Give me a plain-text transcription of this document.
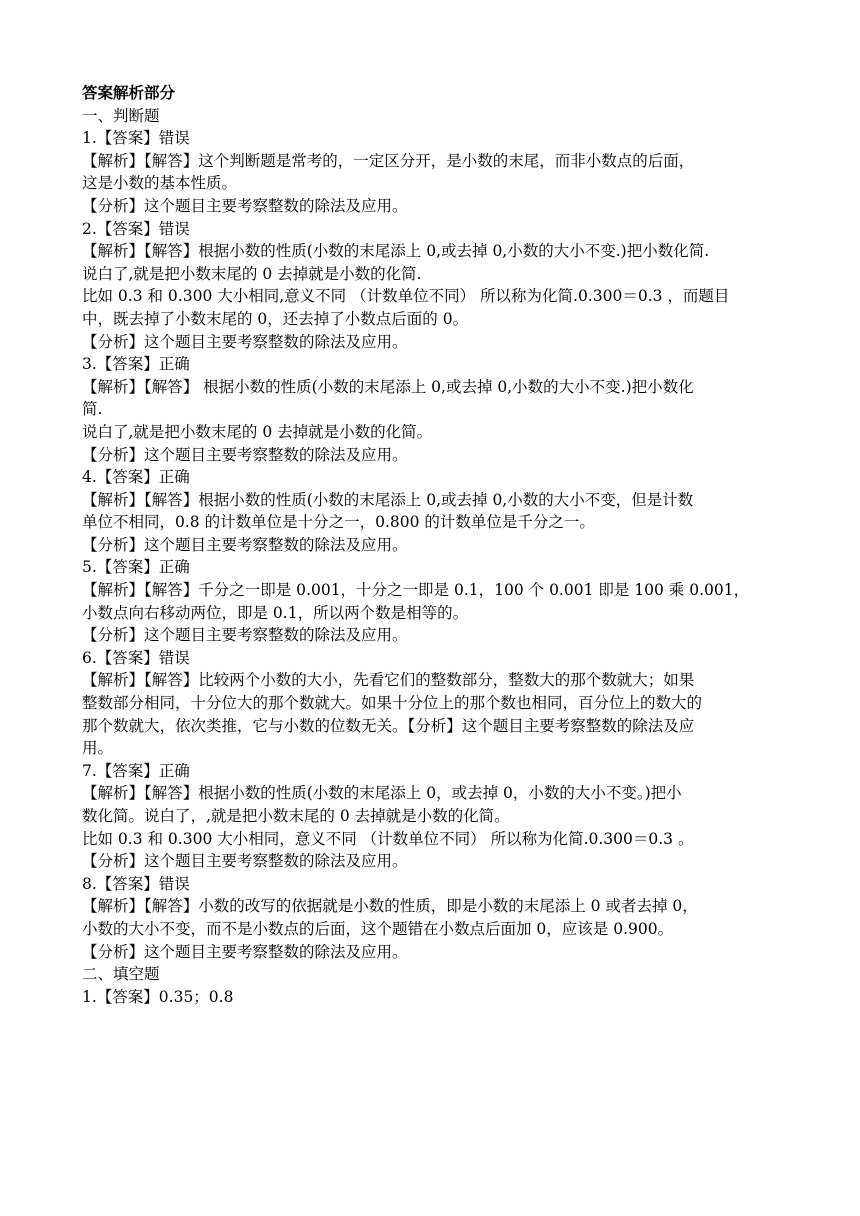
答案解析部分
一、判断题
1.【答案】错误
【解析】【解答】这个判断题是常考的，一定区分开，是小数的末尾，而非小数点的后面，
这是小数的基本性质。
【分析】这个题目主要考察整数的除法及应用。
2.【答案】错误
【解析】【解答】根据小数的性质(小数的末尾添上 0,或去掉 0,小数的大小不变.)把小数化简.
说白了,就是把小数末尾的 0 去掉就是小数的化简.
比如 0.3 和 0.300 大小相同,意义不同 （计数单位不同） 所以称为化简.0.300＝0.3 ，而题目
中，既去掉了小数末尾的 0，还去掉了小数点后面的 0。
【分析】这个题目主要考察整数的除法及应用。
3.【答案】正确
【解析】【解答】 根据小数的性质(小数的末尾添上 0,或去掉 0,小数的大小不变.)把小数化
简.
说白了,就是把小数末尾的 0 去掉就是小数的化简。
【分析】这个题目主要考察整数的除法及应用。
4.【答案】正确
【解析】【解答】根据小数的性质(小数的末尾添上 0,或去掉 0,小数的大小不变，但是计数
单位不相同，0.8 的计数单位是十分之一，0.800 的计数单位是千分之一。
【分析】这个题目主要考察整数的除法及应用。
5.【答案】正确
【解析】【解答】千分之一即是 0.001，十分之一即是 0.1，100 个 0.001 即是 100 乘 0.001，
小数点向右移动两位，即是 0.1，所以两个数是相等的。
【分析】这个题目主要考察整数的除法及应用。
6.【答案】错误
【解析】【解答】比较两个小数的大小，先看它们的整数部分，整数大的那个数就大；如果
整数部分相同，十分位大的那个数就大。如果十分位上的那个数也相同，百分位上的数大的
那个数就大，依次类推，它与小数的位数无关。【分析】这个题目主要考察整数的除法及应
用。
7.【答案】正确
【解析】【解答】根据小数的性质(小数的末尾添上 0，或去掉 0，小数的大小不变。)把小
数化简。说白了，,就是把小数末尾的 0 去掉就是小数的化简。
比如 0.3 和 0.300 大小相同，意义不同 （计数单位不同） 所以称为化简.0.300＝0.3 。
【分析】这个题目主要考察整数的除法及应用。
8.【答案】错误
【解析】【解答】小数的改写的依据就是小数的性质，即是小数的末尾添上 0 或者去掉 0，
小数的大小不变，而不是小数点的后面，这个题错在小数点后面加 0，应该是 0.900。
【分析】这个题目主要考察整数的除法及应用。
二、填空题
1.【答案】0.35；0.8
